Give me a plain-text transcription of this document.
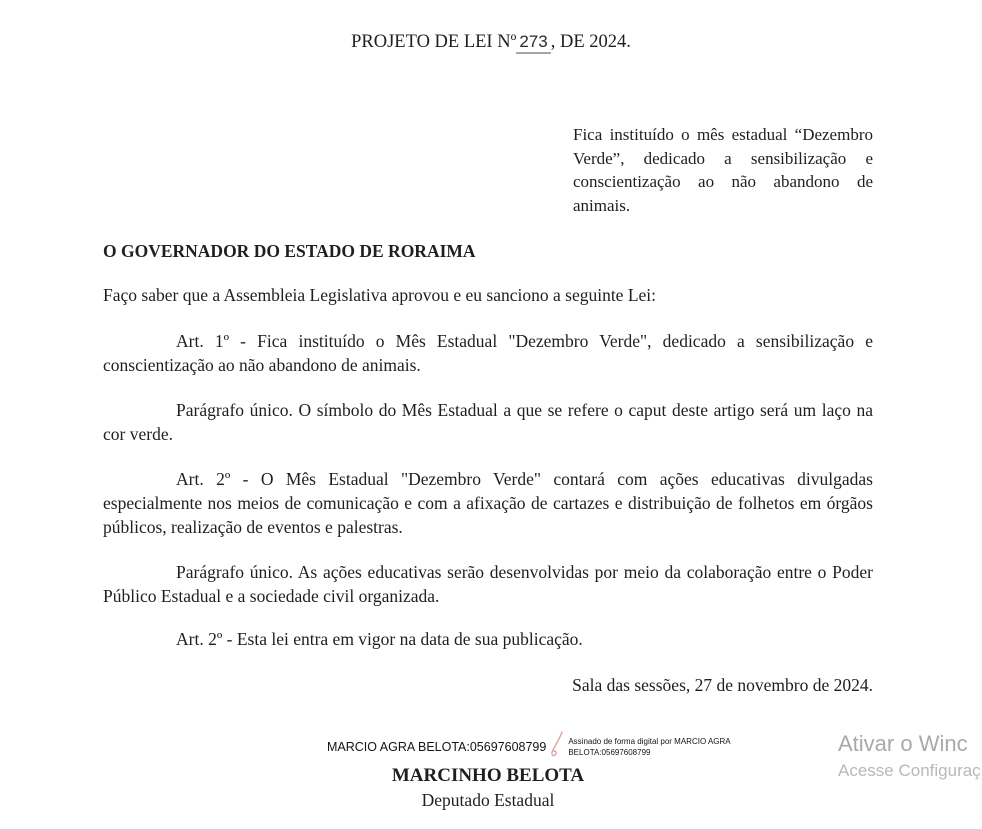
PROJETO DE LEI Nº 273 , DE 2024.
Fica instituído o mês estadual “Dezembro Verde”, dedicado a sensibilização e conscientização ao não abandono de animais.
O GOVERNADOR DO ESTADO DE RORAIMA
Faço saber que a Assembleia Legislativa aprovou e eu sanciono a seguinte Lei:
Art. 1º - Fica instituído o Mês Estadual "Dezembro Verde", dedicado a sensibilização e conscientização ao não abandono de animais.
Parágrafo único. O símbolo do Mês Estadual a que se refere o caput deste artigo será um laço na cor verde.
Art. 2º - O Mês Estadual "Dezembro Verde" contará com ações educativas divulgadas especialmente nos meios de comunicação e com a afixação de cartazes e distribuição de folhetos em órgãos públicos, realização de eventos e palestras.
Parágrafo único. As ações educativas serão desenvolvidas por meio da colaboração entre o Poder Público Estadual e a sociedade civil organizada.
Art. 2º - Esta lei entra em vigor na data de sua publicação.
Sala das sessões, 27 de novembro de 2024.
MARCIO AGRA BELOTA:05697608799	Assinado de forma digital por MARCIO AGRA
BELOTA:05697608799
MARCINHO BELOTA
Deputado Estadual
Ativar o Winc
Acesse Configuraç
